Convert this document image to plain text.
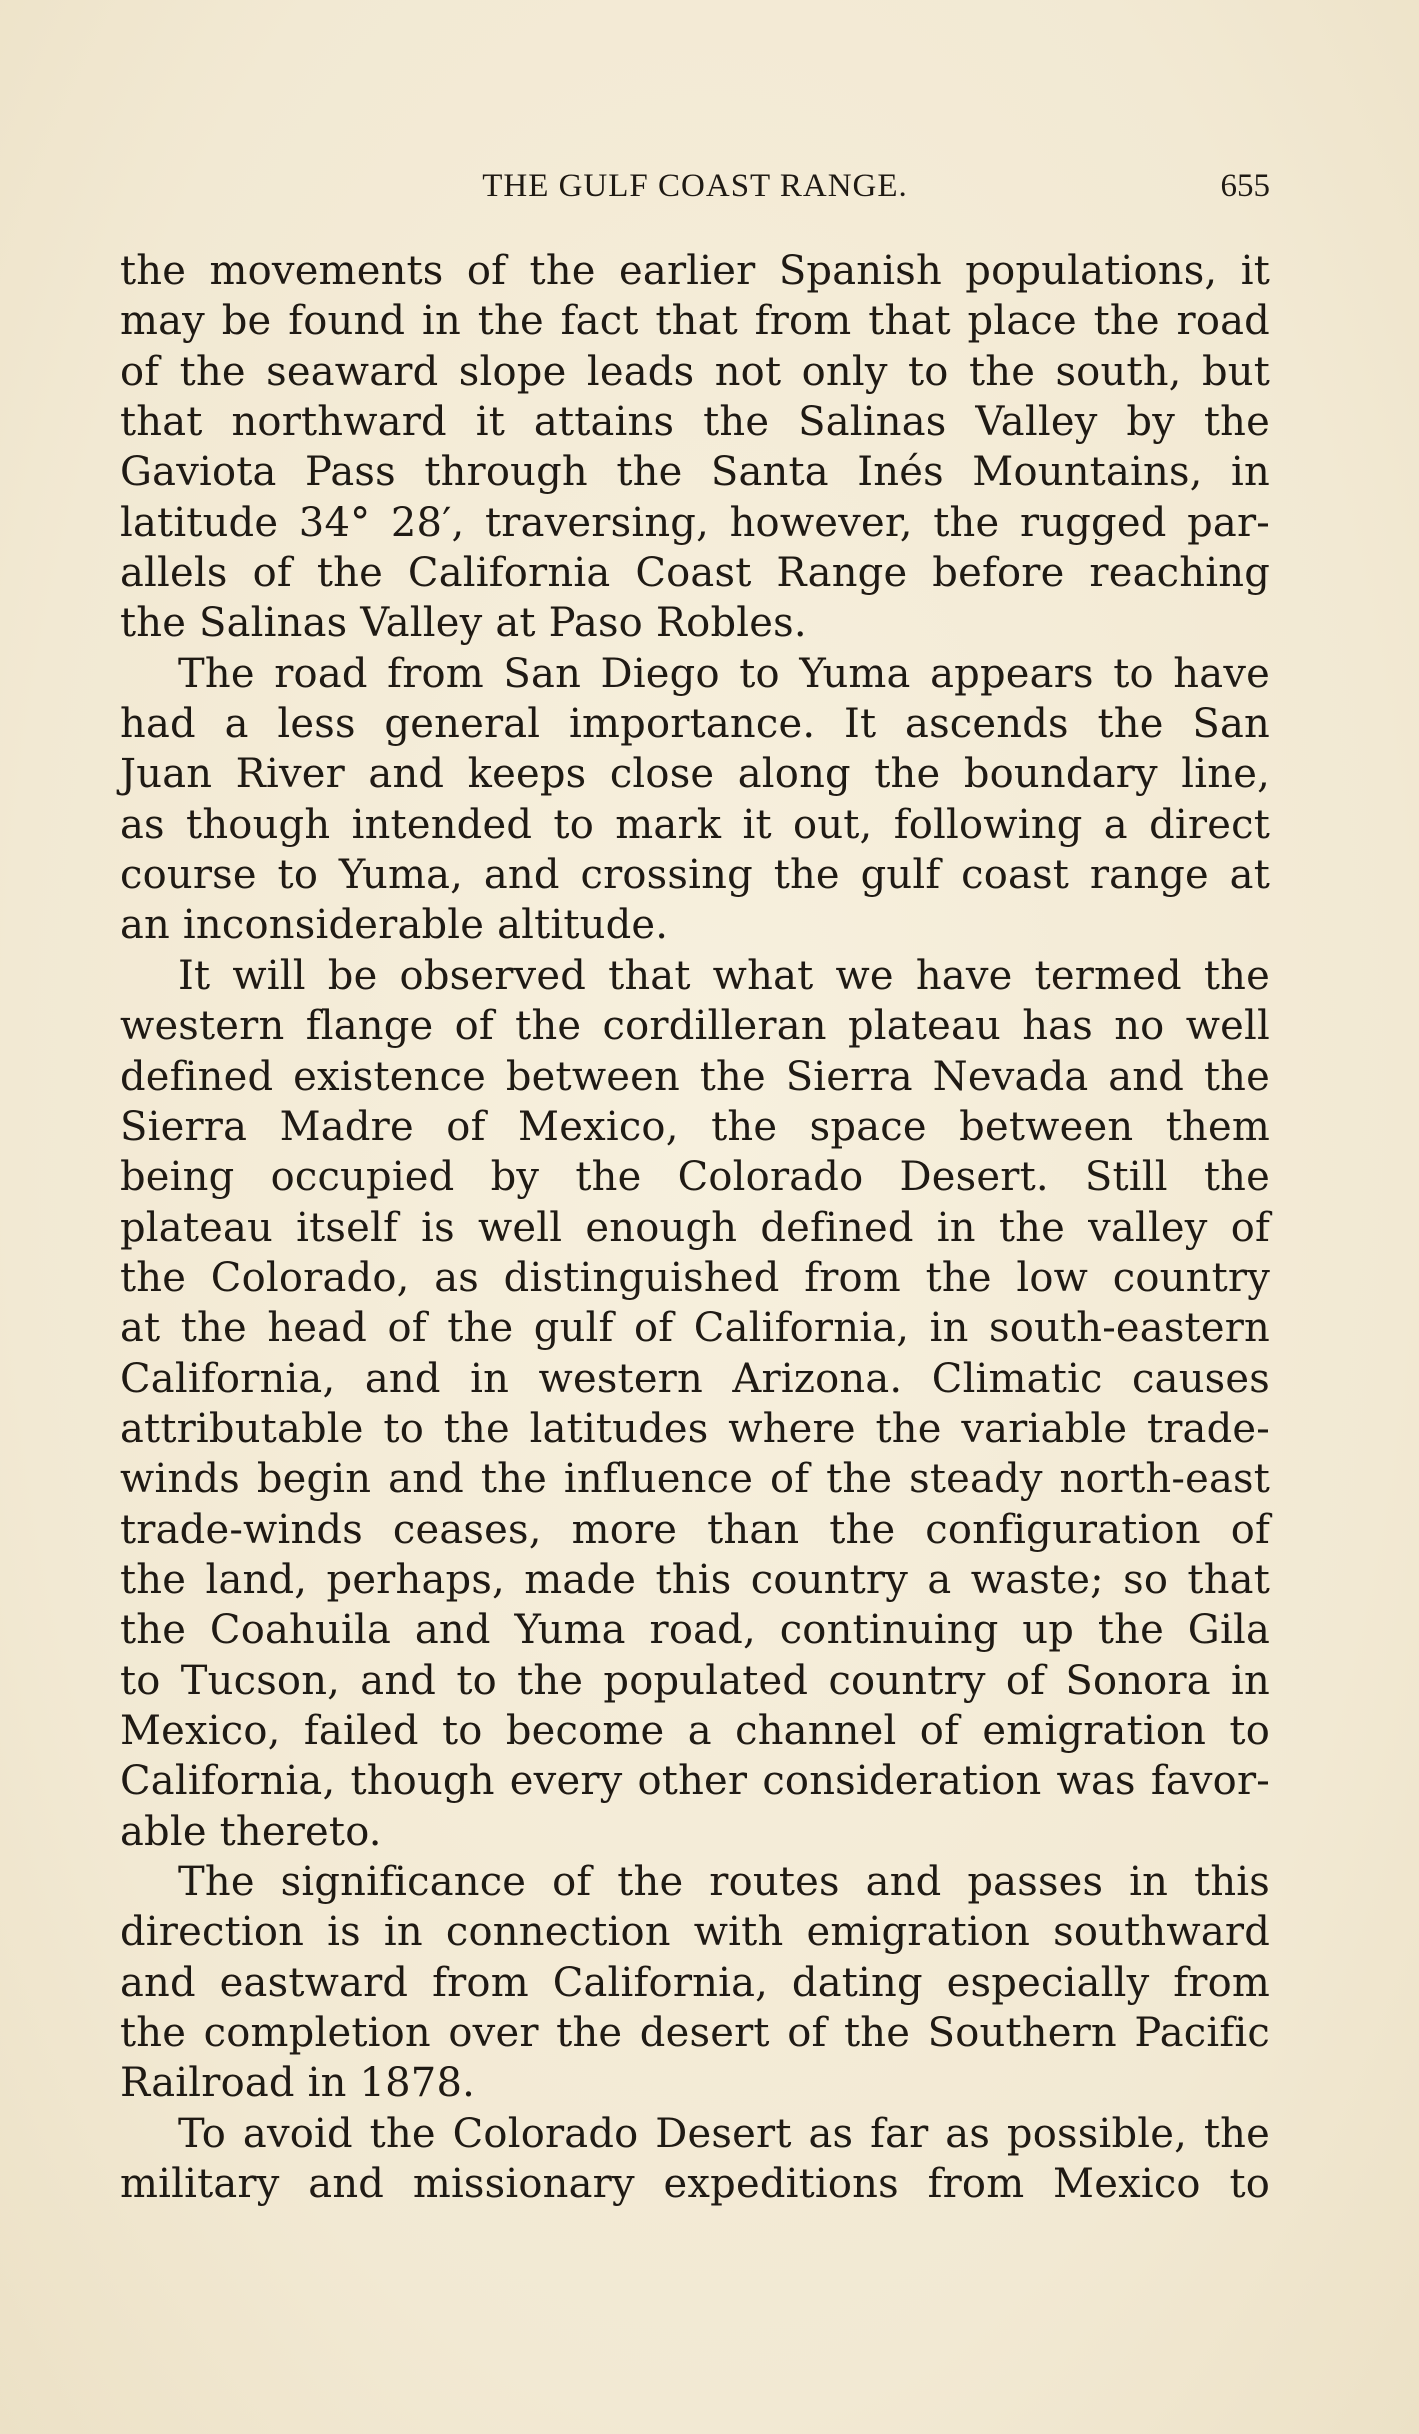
THE GULF COAST RANGE.	655
the movements of the earlier Spanish populations, it
may be found in the fact that from that place the road
of the seaward slope leads not only to the south, but
that northward it attains the Salinas Valley by the
Gaviota Pass through the Santa Inés Mountains, in
latitude 34° 28′, traversing, however, the rugged par-
allels of the California Coast Range before reaching
the Salinas Valley at Paso Robles.
The road from San Diego to Yuma appears to have
had a less general importance. It ascends the San
Juan River and keeps close along the boundary line,
as though intended to mark it out, following a direct
course to Yuma, and crossing the gulf coast range at
an inconsiderable altitude.
It will be observed that what we have termed the
western flange of the cordilleran plateau has no well
defined existence between the Sierra Nevada and the
Sierra Madre of Mexico, the space between them
being occupied by the Colorado Desert. Still the
plateau itself is well enough defined in the valley of
the Colorado, as distinguished from the low country
at the head of the gulf of California, in south-eastern
California, and in western Arizona. Climatic causes
attributable to the latitudes where the variable trade-
winds begin and the influence of the steady north-east
trade-winds ceases, more than the configuration of
the land, perhaps, made this country a waste; so that
the Coahuila and Yuma road, continuing up the Gila
to Tucson, and to the populated country of Sonora in
Mexico, failed to become a channel of emigration to
California, though every other consideration was favor-
able thereto.
The significance of the routes and passes in this
direction is in connection with emigration southward
and eastward from California, dating especially from
the completion over the desert of the Southern Pacific
Railroad in 1878.
To avoid the Colorado Desert as far as possible, the
military and missionary expeditions from Mexico to
